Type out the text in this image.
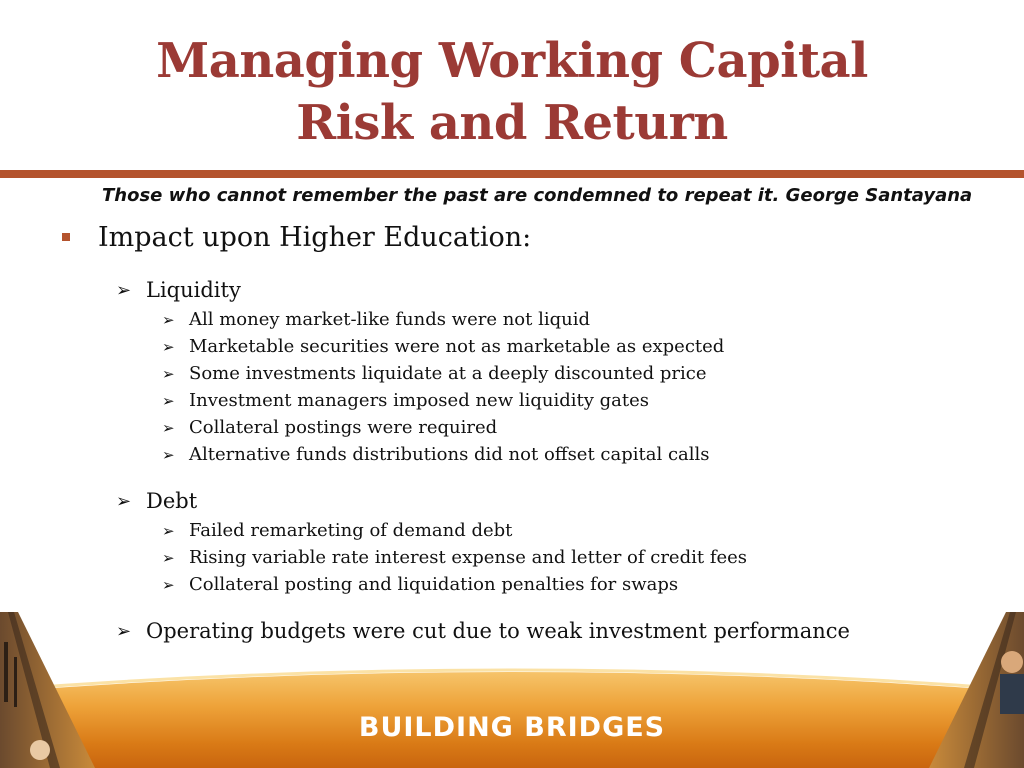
Managing Working Capital
Risk and Return
Those who cannot remember the past are condemned to repeat it. George Santayana
Impact upon Higher Education:
➢ Liquidity
➢ All money market-like funds were not liquid
➢ Marketable securities were not as marketable as expected
➢ Some investments liquidate at a deeply discounted price
➢ Investment managers imposed new liquidity gates
➢ Collateral postings were required
➢ Alternative funds distributions did not offset capital calls
➢ Debt
➢ Failed remarketing of demand debt
➢ Rising variable rate interest expense and letter of credit fees
➢ Collateral posting and liquidation penalties for swaps
➢ Operating budgets were cut due to weak investment performance
BUILDING BRIDGES
